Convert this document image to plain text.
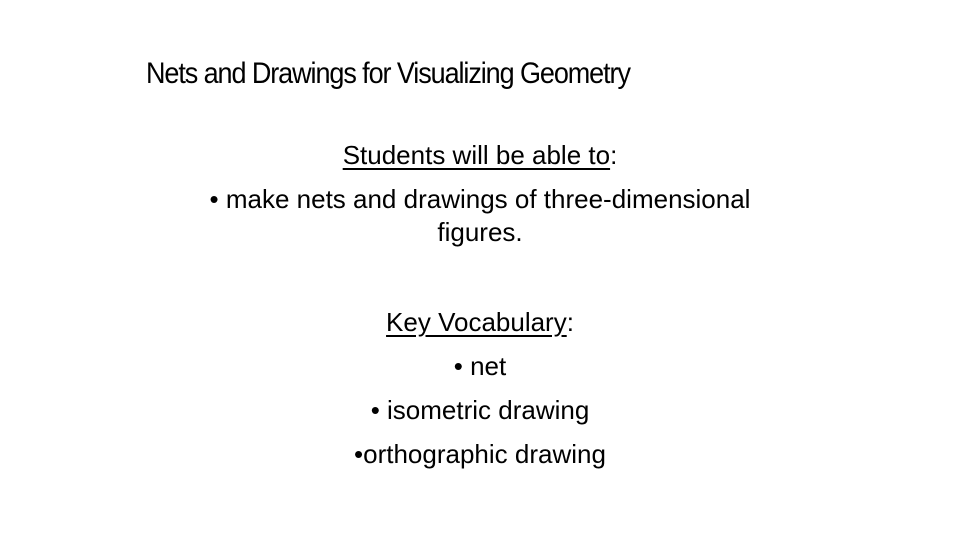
Nets and Drawings for Visualizing Geometry
Students will be able to:
• make nets and drawings of three-dimensional
figures.
Key Vocabulary:
• net
• isometric drawing
•orthographic drawing
